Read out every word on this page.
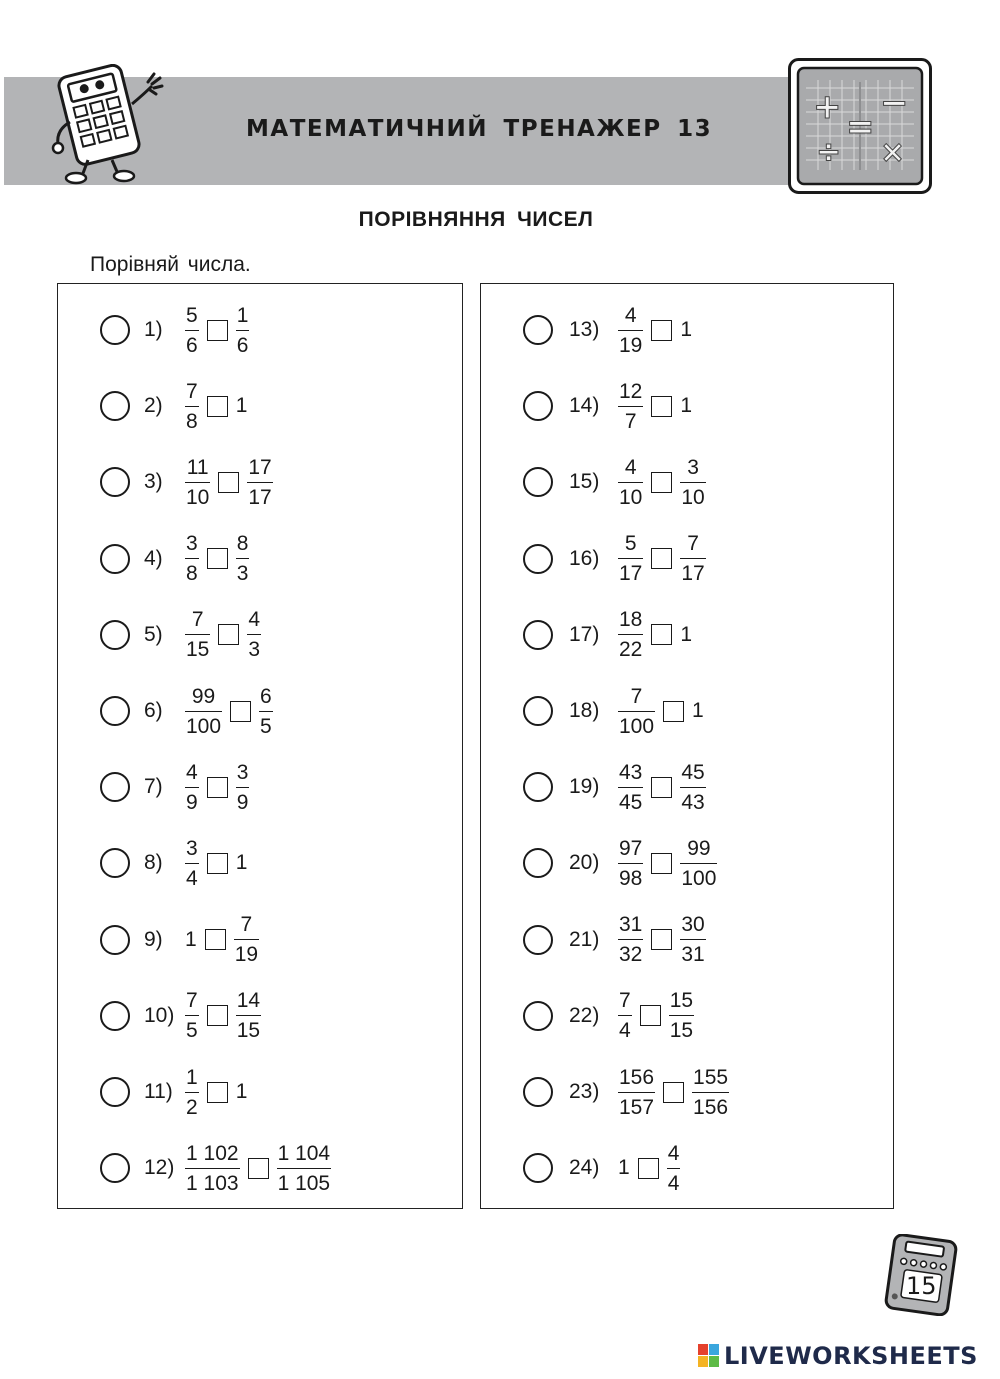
МАТЕМАТИЧНИЙ ТРЕНАЖЕР 13
+ =
−
÷ ×
ПОРІВНЯННЯ ЧИСЕЛ
Порівняй числа.
1)	$\frac{5}{6} \frac{1}{6}$
2)	$\frac{7}{8} 1$
3)	$\frac{11}{10} \frac{17}{17}$
4)	$\frac{3}{8} \frac{8}{3}$
5)	$\frac{7}{15} \frac{4}{3}$
6)	$\frac{99}{100} \frac{6}{5}$
7)	$\frac{4}{9} \frac{3}{9}$
8)	$\frac{3}{4} 1$
9)	$1 \frac{7}{19}$
$10) \frac{7}{5} \frac{14}{15}$
$11) \frac{1}{2} 1$
$12) \frac{1 102}{1 103} \frac{1 104}{1 105}$
$13) \frac{4}{19} 1$
$14) \frac{12}{7} 1$
$15) \frac{4}{10} \frac{3}{10}$
$16) \frac{5}{17} \frac{7}{17}$
$17) \frac{18}{22} 1$
$18) \frac{7}{100} 1$
$19) \frac{43}{45} \frac{45}{43}$
$20) \frac{97}{98} \frac{99}{100}$
$21) \frac{31}{32} \frac{30}{31}$
$22) \frac{7}{4} \frac{15}{15}$
$23) \frac{156}{157} \frac{155}{156}$
24) $1 \frac{4}{4}$
15
LIVEWORKSHEETS
